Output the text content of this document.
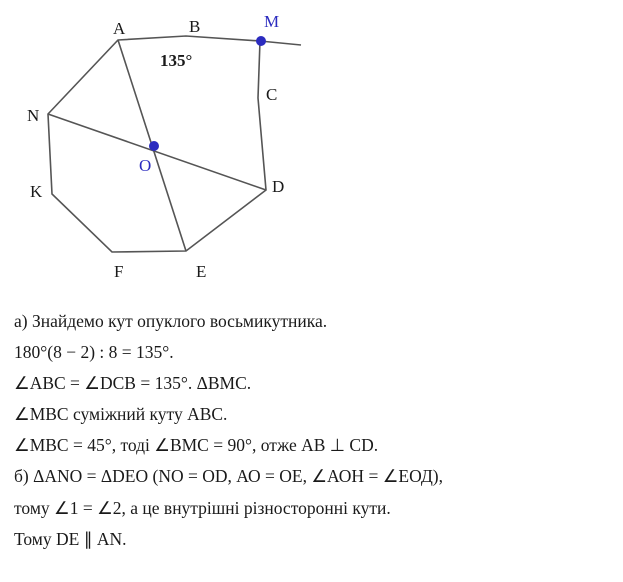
A	B	M
C
N
O
D
K
F	E
135°

а) Знайдемо кут опуклого восьмикутника.

180°(8 − 2) : 8 = 135°.

∠АВС = ∠DCB = 135°. ΔВМС.

∠МВС суміжний куту АВС.

∠МВС = 45°, тоді ∠ВМС = 90°, отже АВ ⊥ CD.

б) ΔАNO = ΔDEO (NO = OD, АО = ОЕ, ∠АОН = ∠ЕОД),

тому ∠1 = ∠2, а це внутрішні різносторонні кути.

Тому DE ∥ АN.
